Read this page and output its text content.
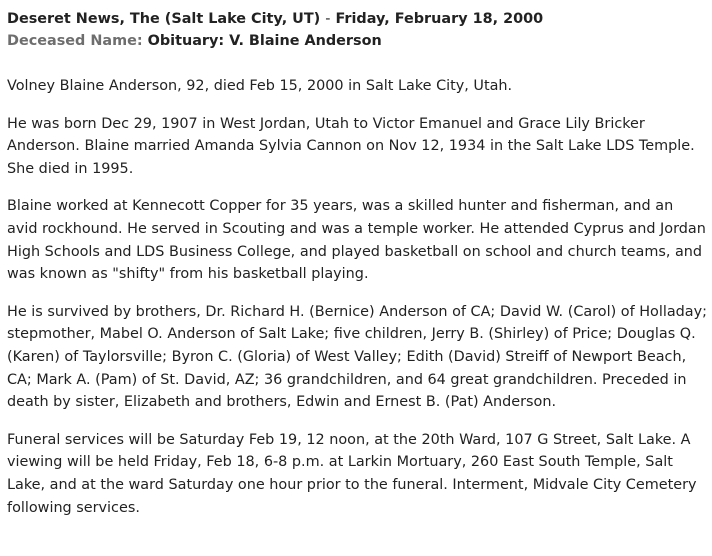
Deseret News, The (Salt Lake City, UT) - Friday, February 18, 2000
Deceased Name: Obituary: V. Blaine Anderson

Volney Blaine Anderson, 92, died Feb 15, 2000 in Salt Lake City, Utah.

He was born Dec 29, 1907 in West Jordan, Utah to Victor Emanuel and Grace Lily Bricker Anderson. Blaine married Amanda Sylvia Cannon on Nov 12, 1934 in the Salt Lake LDS Temple. She died in 1995.

Blaine worked at Kennecott Copper for 35 years, was a skilled hunter and fisherman, and an avid rockhound. He served in Scouting and was a temple worker. He attended Cyprus and Jordan High Schools and LDS Business College, and played basketball on school and church teams, and was known as "shifty" from his basketball playing.

He is survived by brothers, Dr. Richard H. (Bernice) Anderson of CA; David W. (Carol) of Holladay; stepmother, Mabel O. Anderson of Salt Lake; five children, Jerry B. (Shirley) of Price; Douglas Q. (Karen) of Taylorsville; Byron C. (Gloria) of West Valley; Edith (David) Streiff of Newport Beach, CA; Mark A. (Pam) of St. David, AZ; 36 grandchildren, and 64 great grandchildren. Preceded in death by sister, Elizabeth and brothers, Edwin and Ernest B. (Pat) Anderson.

Funeral services will be Saturday Feb 19, 12 noon, at the 20th Ward, 107 G Street, Salt Lake. A viewing will be held Friday, Feb 18, 6-8 p.m. at Larkin Mortuary, 260 East South Temple, Salt Lake, and at the ward Saturday one hour prior to the funeral. Interment, Midvale City Cemetery following services.
